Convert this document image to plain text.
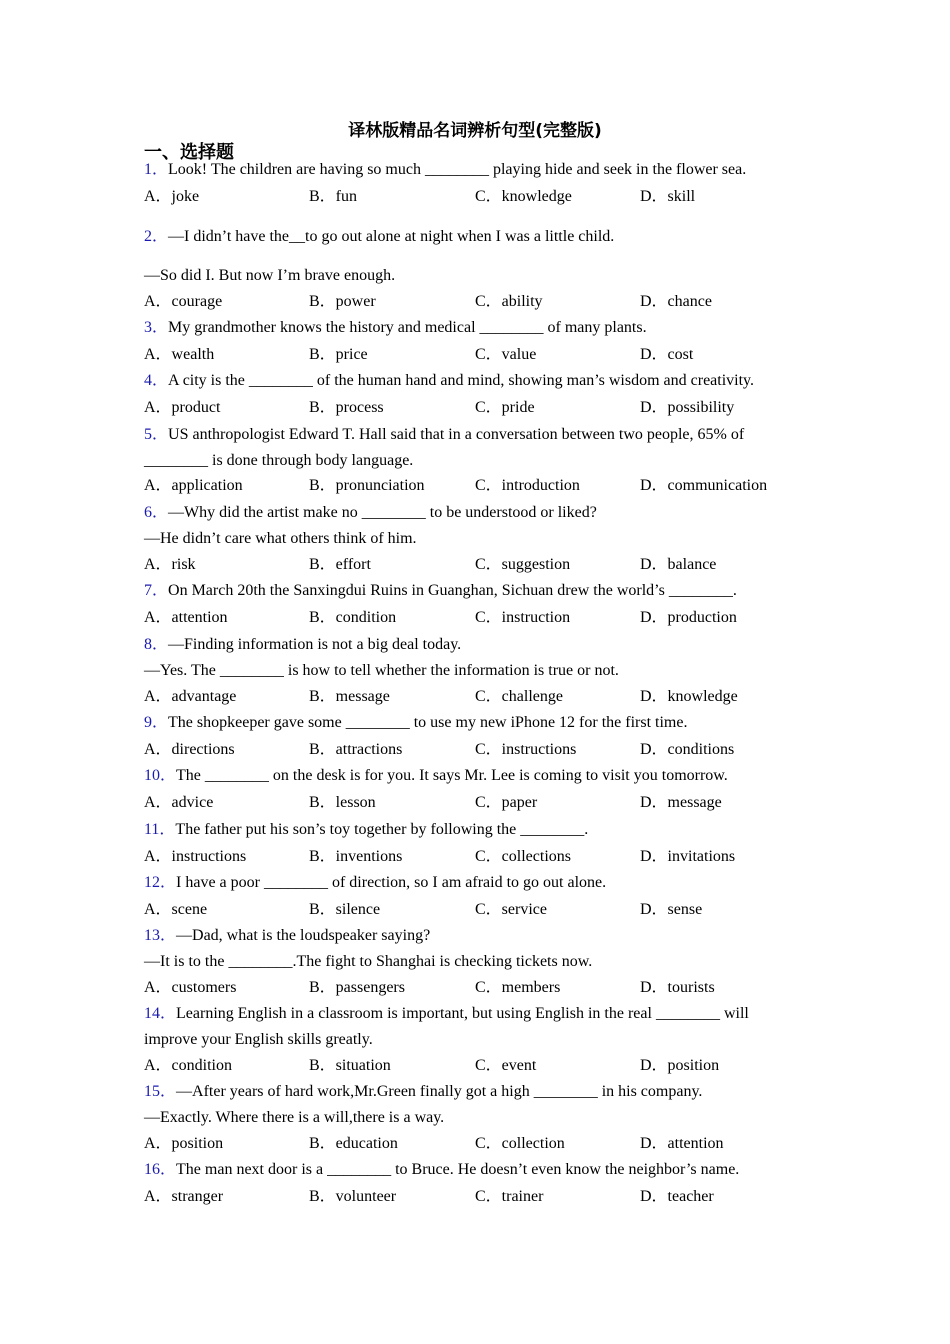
译林版精品名词辨析句型(完整版)
一、选择题
1．Look! The children are having so much ________ playing hide and seek in the flower sea.
A．joke	B．fun	C．knowledge	D．skill
2．—I didn’t have the__to go out alone at night when I was a little child.
—So did I. But now I’m brave enough.
A．courage	B．power	C．ability	D．chance
3．My grandmother knows the history and medical ________ of many plants.
A．wealth	B．price	C．value	D．cost
4．A city is the ________ of the human hand and mind, showing man’s wisdom and creativity.
A．product	B．process	C．pride	D．possibility
5．US anthropologist Edward T. Hall said that in a conversation between two people, 65% of
________ is done through body language.
A．application	B．pronunciation	C．introduction	D．communication
6．—Why did the artist make no ________ to be understood or liked?
—He didn’t care what others think of him.
A．risk	B．effort	C．suggestion	D．balance
7．On March 20th the Sanxingdui Ruins in Guanghan, Sichuan drew the world’s ________.
A．attention	B．condition	C．instruction	D．production
8．—Finding information is not a big deal today.
—Yes. The ________ is how to tell whether the information is true or not.
A．advantage	B．message	C．challenge	D．knowledge
9．The shopkeeper gave some ________ to use my new iPhone 12 for the first time.
A．directions	B．attractions	C．instructions	D．conditions
10．The ________ on the desk is for you. It says Mr. Lee is coming to visit you tomorrow.
A．advice	B．lesson	C．paper	D．message
11．The father put his son’s toy together by following the ________.
A．instructions	B．inventions	C．collections	D．invitations
12．I have a poor ________ of direction, so I am afraid to go out alone.
A．scene	B．silence	C．service	D．sense
13．—Dad, what is the loudspeaker saying?
—It is to the ________.The fight to Shanghai is checking tickets now.
A．customers	B．passengers	C．members	D．tourists
14．Learning English in a classroom is important, but using English in the real ________ will
improve your English skills greatly.
A．condition	B．situation	C．event	D．position
15．—After years of hard work,Mr.Green finally got a high ________ in his company.
—Exactly. Where there is a will,there is a way.
A．position	B．education	C．collection	D．attention
16．The man next door is a ________ to Bruce. He doesn’t even know the neighbor’s name.
A．stranger	B．volunteer	C．trainer	D．teacher
